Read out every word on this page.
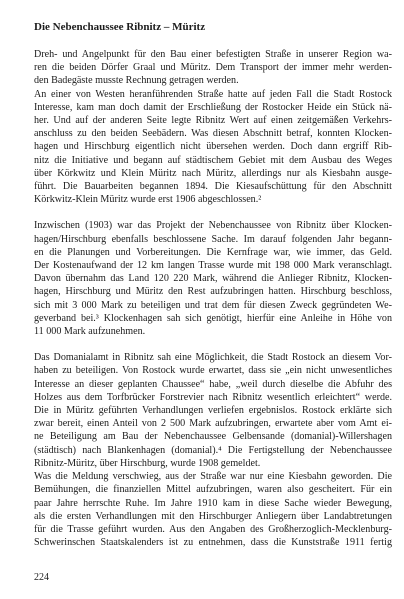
Die Nebenchaussee Ribnitz – Müritz
Dreh- und Angelpunkt für den Bau einer befestigten Straße in unserer Region wa-
ren die beiden Dörfer Graal und Müritz. Dem Transport der immer mehr werden-
den Badegäste musste Rechnung getragen werden.
An einer von Westen heranführenden Straße hatte auf jeden Fall die Stadt Rostock
Interesse, kam man doch damit der Erschließung der Rostocker Heide ein Stück nä-
her. Und auf der anderen Seite legte Ribnitz Wert auf einen zeitgemäßen Verkehrs-
anschluss zu den beiden Seebädern. Was diesen Abschnitt betraf, konnten Klocken-
hagen und Hirschburg eigentlich nicht übersehen werden. Doch dann ergriff Rib-
nitz die Initiative und begann auf städtischem Gebiet mit dem Ausbau des Weges
über Körkwitz und Klein Müritz nach Müritz, allerdings nur als Kiesbahn ausge-
führt. Die Bauarbeiten begannen 1894. Die Kiesaufschüttung für den Abschnitt
Körkwitz-Klein Müritz wurde erst 1906 abgeschlossen.²
Inzwischen (1903) war das Projekt der Nebenchaussee von Ribnitz über Klocken-
hagen/Hirschburg ebenfalls beschlossene Sache. Im darauf folgenden Jahr begann-
en die Planungen und Vorbereitungen. Die Kernfrage war, wie immer, das Geld.
Der Kostenaufwand der 12 km langen Trasse wurde mit 198 000 Mark veranschlagt.
Davon übernahm das Land 120 220 Mark, während die Anlieger Ribnitz, Klocken-
hagen, Hirschburg und Müritz den Rest aufzubringen hatten. Hirschburg beschloss,
sich mit 3 000 Mark zu beteiligen und trat dem für diesen Zweck gegründeten We-
geverband bei.³ Klockenhagen sah sich genötigt, hierfür eine Anleihe in Höhe von
11 000 Mark aufzunehmen.
Das Domanialamt in Ribnitz sah eine Möglichkeit, die Stadt Rostock an diesem Vor-
haben zu beteiligen. Von Rostock wurde erwartet, dass sie „ein nicht unwesentliches
Interesse an dieser geplanten Chaussee“ habe, „weil durch dieselbe die Abfuhr des
Holzes aus dem Torfbrücker Forstrevier nach Ribnitz wesentlich erleichtert“ werde.
Die in Müritz geführten Verhandlungen verliefen ergebnislos. Rostock erklärte sich
zwar bereit, einen Anteil von 2 500 Mark aufzubringen, erwartete aber vom Amt ei-
ne Beteiligung am Bau der Nebenchaussee Gelbensande (domanial)-Willershagen
(städtisch) nach Blankenhagen (domanial).⁴ Die Fertigstellung der Nebenchaussee
Ribnitz-Müritz, über Hirschburg, wurde 1908 gemeldet.
Was die Meldung verschwieg, aus der Straße war nur eine Kiesbahn geworden. Die
Bemühungen, die finanziellen Mittel aufzubringen, waren also gescheitert. Für ein
paar Jahre herrschte Ruhe. Im Jahre 1910 kam in diese Sache wieder Bewegung,
als die ersten Verhandlungen mit den Hirschburger Anliegern über Landabtretungen
für die Trasse geführt wurden. Aus den Angaben des Großherzoglich-Mecklenburg-
Schwerinschen Staatskalenders ist zu entnehmen, dass die Kunststraße 1911 fertig
224
